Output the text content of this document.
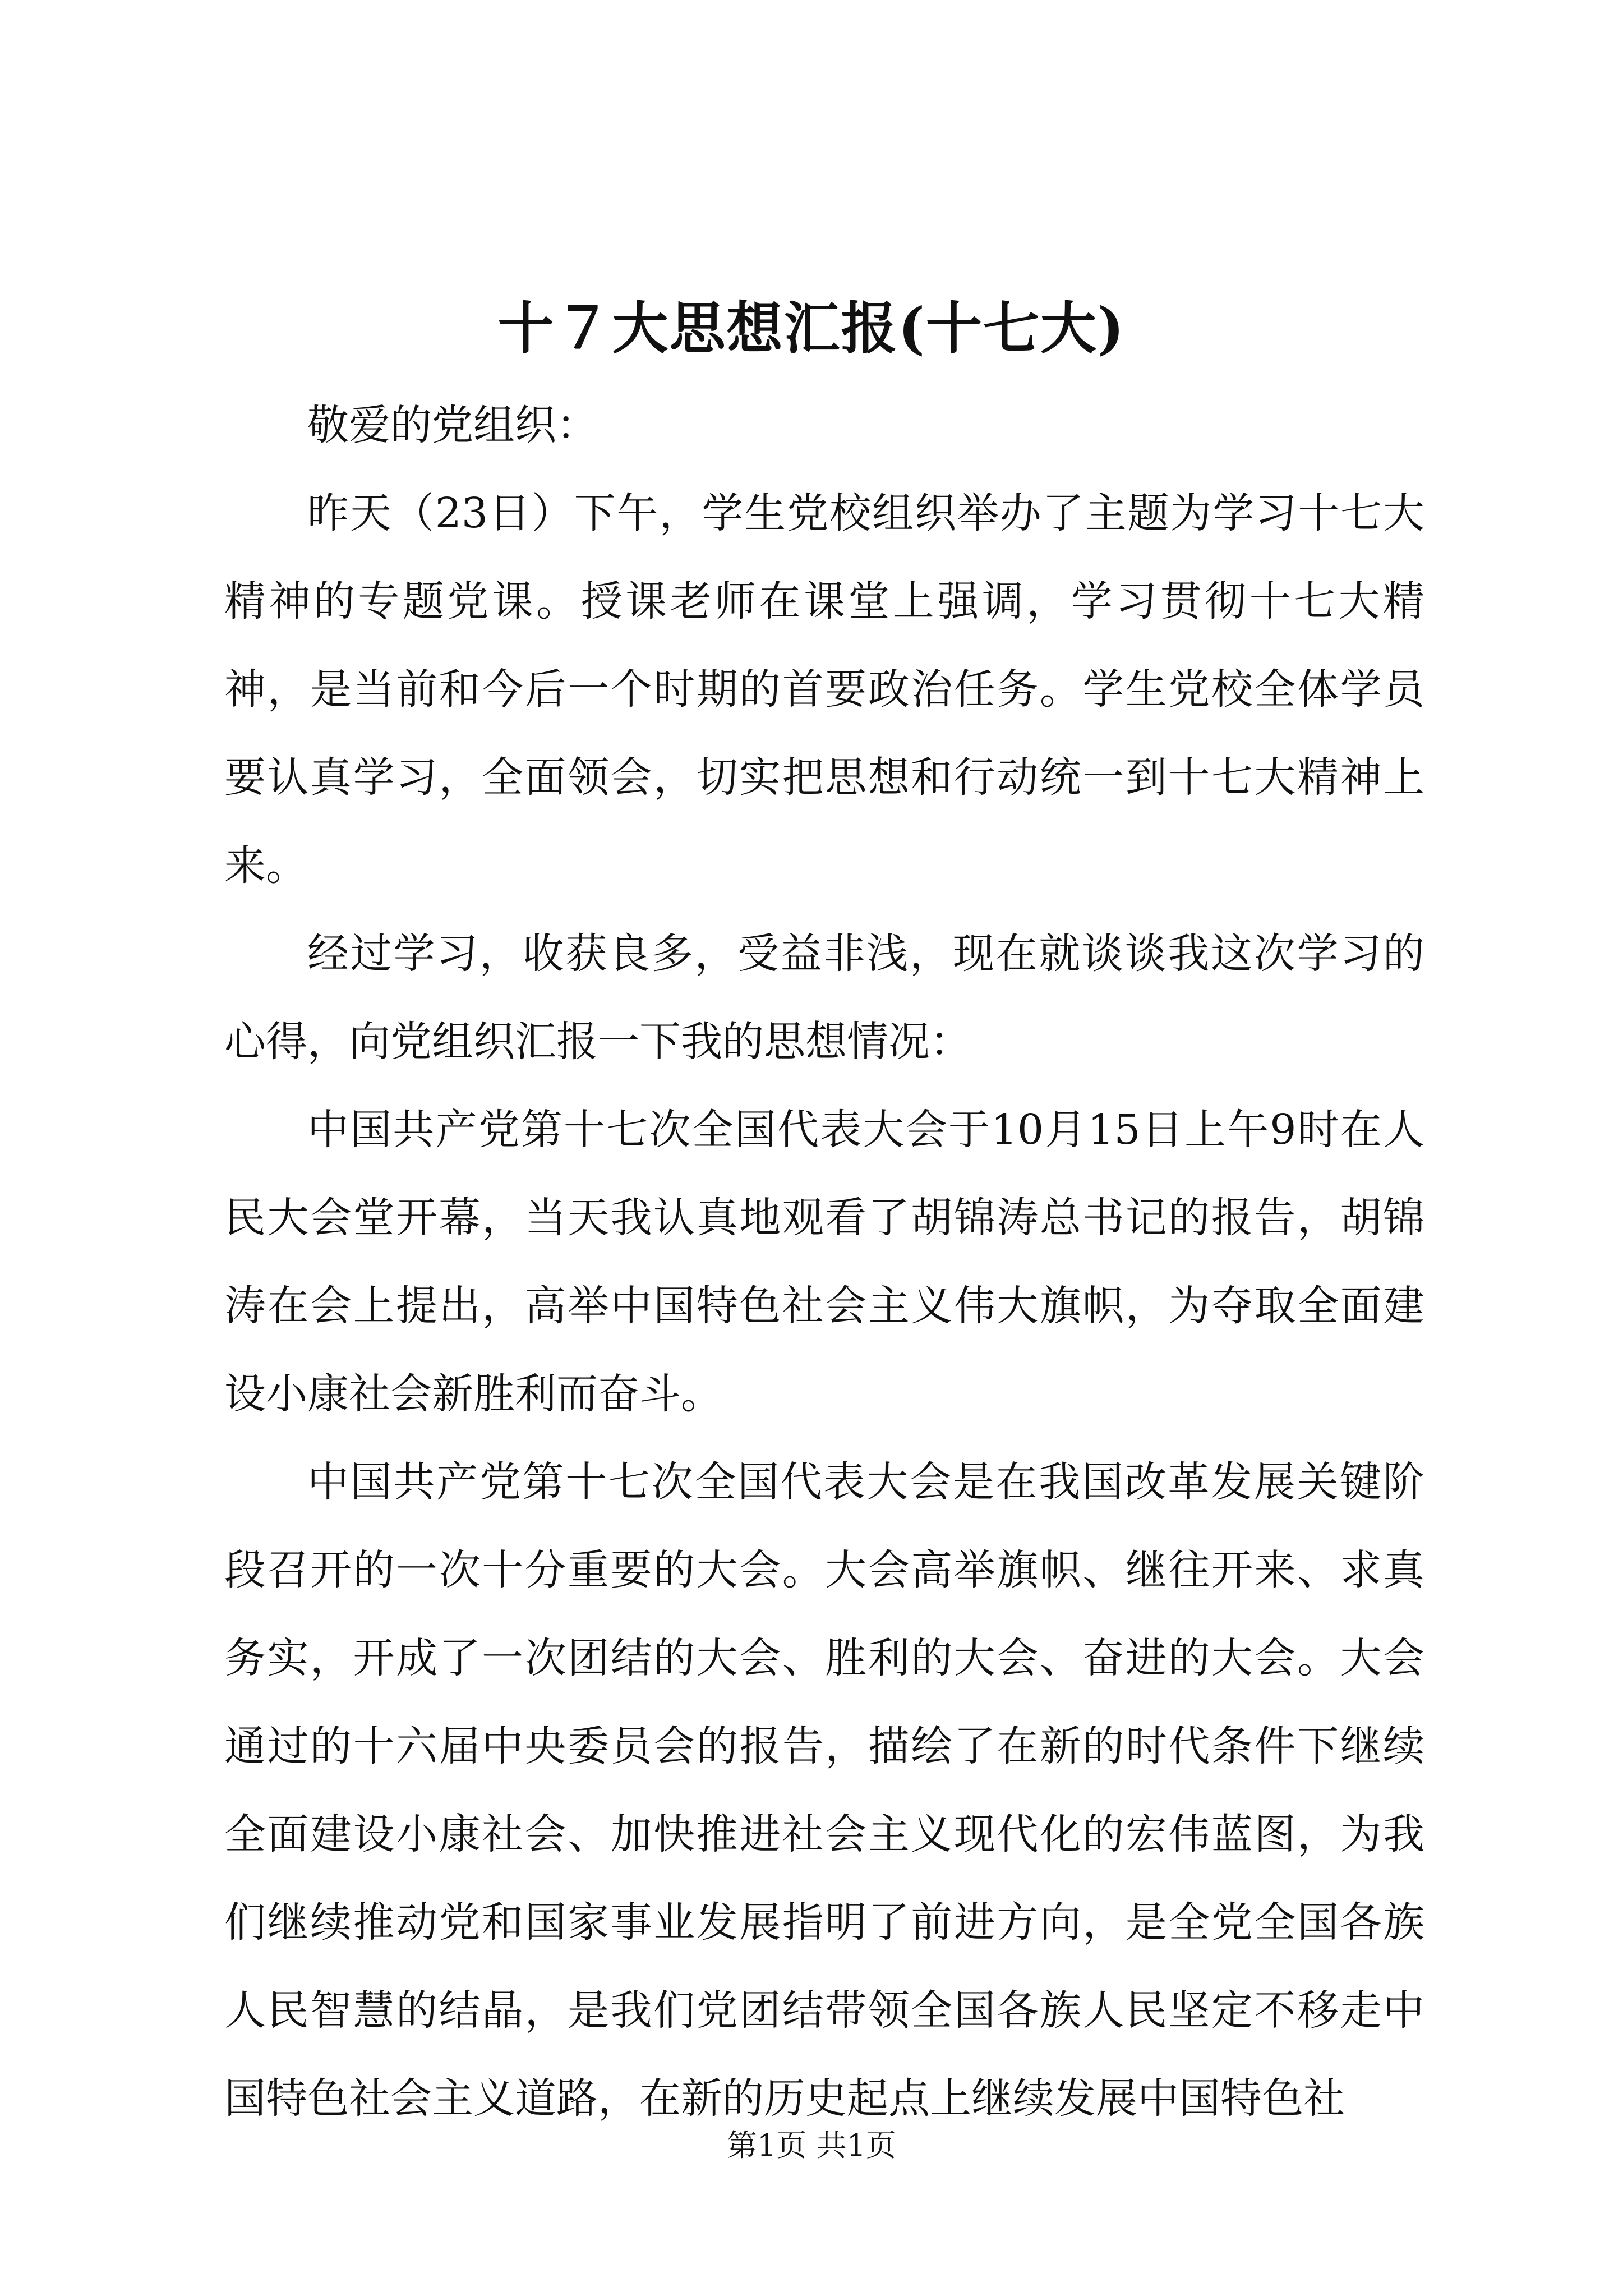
十７大思想汇报(十七大)

敬爱的党组织：

昨天（23日）下午，学生党校组织举办了主题为学习十七大精神的专题党课。授课老师在课堂上强调，学习贯彻十七大精神，是当前和今后一个时期的首要政治任务。学生党校全体学员要认真学习，全面领会，切实把思想和行动统一到十七大精神上来。

经过学习，收获良多，受益非浅，现在就谈谈我这次学习的心得，向党组织汇报一下我的思想情况：

中国共产党第十七次全国代表大会于10月15日上午9时在人民大会堂开幕，当天我认真地观看了胡锦涛总书记的报告，胡锦涛在会上提出，高举中国特色社会主义伟大旗帜，为夺取全面建设小康社会新胜利而奋斗。

中国共产党第十七次全国代表大会是在我国改革发展关键阶段召开的一次十分重要的大会。大会高举旗帜、继往开来、求真务实，开成了一次团结的大会、胜利的大会、奋进的大会。大会通过的十六届中央委员会的报告，描绘了在新的时代条件下继续全面建设小康社会、加快推进社会主义现代化的宏伟蓝图，为我们继续推动党和国家事业发展指明了前进方向，是全党全国各族人民智慧的结晶，是我们党团结带领全国各族人民坚定不移走中国特色社会主义道路，在新的历史起点上继续发展中国特色社

第1页 共1页
